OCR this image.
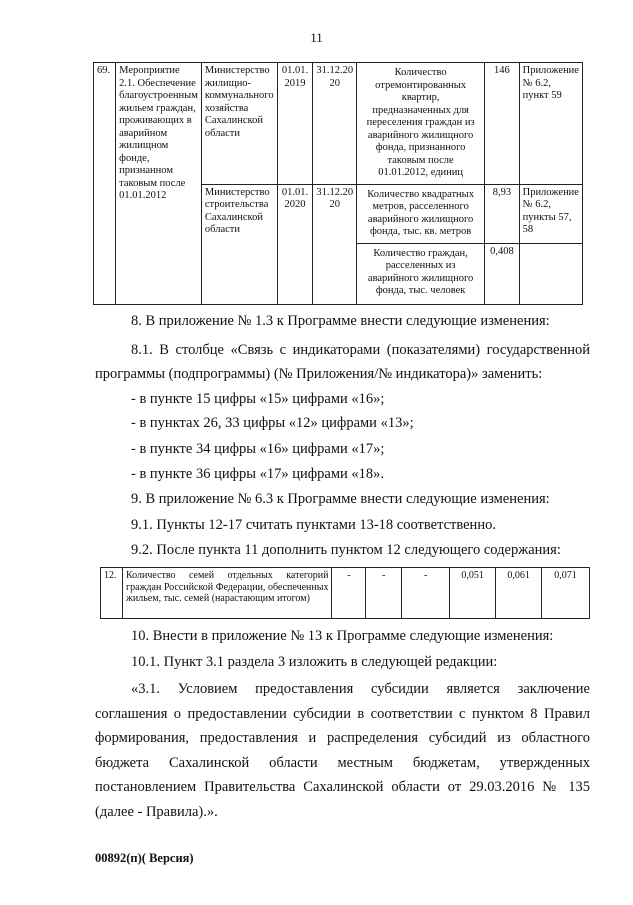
11
69.	Мероприятие 2.1. Обеспечение благоустроенным жильем граждан, проживающих в аварийном жилищном фонде, признанном таковым после 01.01.2012	Министерство жилищно-коммунального хозяйства Сахалинской области	01.01. 2019	31.12.20 20	Количество отремонтированных квартир, предназначенных для переселения граждан из аварийного жилищного фонда, признанного таковым после 01.01.2012, единиц	146	Приложение № 6.2, пункт 59
		Министерство строительства Сахалинской области	01.01. 2020	31.12.20 20	Количество квадратных метров, расселенного аварийного жилищного фонда, тыс. кв. метров	8,93	Приложение № 6.2, пункты 57, 58
					Количество граждан, расселенных из аварийного жилищного фонда, тыс. человек	0,408	
8. В приложение № 1.3 к Программе внести следующие изменения:
8.1. В столбце «Связь с индикаторами (показателями) государственной программы (подпрограммы) (№ Приложения/№ индикатора)» заменить:
- в пункте 15 цифры «15» цифрами «16»;
- в пунктах 26, 33 цифры «12» цифрами «13»;
- в пункте 34 цифры «16» цифрами «17»;
- в пункте 36 цифры «17» цифрами «18».
9. В приложение № 6.3 к Программе внести следующие изменения:
9.1. Пункты 12-17 считать пунктами 13-18 соответственно.
9.2. После пункта 11 дополнить пунктом 12 следующего содержания:
12.	Количество семей отдельных категорий граждан Российской Федерации, обеспеченных жильем, тыс. семей (нарастающим итогом)	-	-	-	0,051	0,061	0,071
10. Внести в приложение № 13 к Программе следующие изменения:
10.1. Пункт 3.1 раздела 3 изложить в следующей редакции:
«3.1. Условием предоставления субсидии является заключение соглашения о предоставлении субсидии в соответствии с пунктом 8 Правил формирования, предоставления и распределения субсидий из областного бюджета Сахалинской области местным бюджетам, утвержденных постановлением Правительства Сахалинской области от 29.03.2016 № 135 (далее - Правила).».
00892(п)( Версия)
